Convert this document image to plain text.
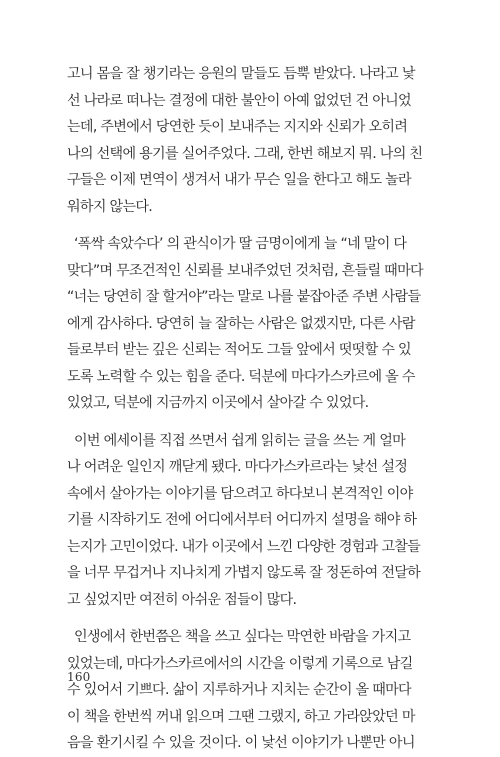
고니 몸을 잘 챙기라는 응원의 말들도 듬뿍 받았다. 나라고 낯
선 나라로 떠나는 결정에 대한 불안이 아예 없었던 건 아니었
는데, 주변에서 당연한 듯이 보내주는 지지와 신뢰가 오히려
나의 선택에 용기를 실어주었다. 그래, 한번 해보지 뭐. 나의 친
구들은 이제 면역이 생겨서 내가 무슨 일을 한다고 해도 놀라
워하지 않는다.

‘폭싹 속았수다’ 의 관식이가 딸 금명이에게 늘 “네 말이 다
맞다”며 무조건적인 신뢰를 보내주었던 것처럼, 흔들릴 때마다
“너는 당연히 잘 할거야”라는 말로 나를 붙잡아준 주변 사람들
에게 감사하다. 당연히 늘 잘하는 사람은 없겠지만, 다른 사람
들로부터 받는 깊은 신뢰는 적어도 그들 앞에서 떳떳할 수 있
도록 노력할 수 있는 힘을 준다. 덕분에 마다가스카르에 올 수
있었고, 덕분에 지금까지 이곳에서 살아갈 수 있었다.

이번 에세이를 직접 쓰면서 쉽게 읽히는 글을 쓰는 게 얼마
나 어려운 일인지 깨닫게 됐다. 마다가스카르라는 낯선 설정
속에서 살아가는 이야기를 담으려고 하다보니 본격적인 이야
기를 시작하기도 전에 어디에서부터 어디까지 설명을 해야 하
는지가 고민이었다. 내가 이곳에서 느낀 다양한 경험과 고찰들
을 너무 무겁거나 지나치게 가볍지 않도록 잘 정돈하여 전달하
고 싶었지만 여전히 아쉬운 점들이 많다.

인생에서 한번쯤은 책을 쓰고 싶다는 막연한 바람을 가지고
있었는데, 마다가스카르에서의 시간을 이렇게 기록으로 남길
수 있어서 기쁘다. 삶이 지루하거나 지치는 순간이 올 때마다
이 책을 한번씩 꺼내 읽으며 그땐 그랬지, 하고 가라앉았던 마
음을 환기시킬 수 있을 것이다. 이 낯선 이야기가 나뿐만 아니

160
